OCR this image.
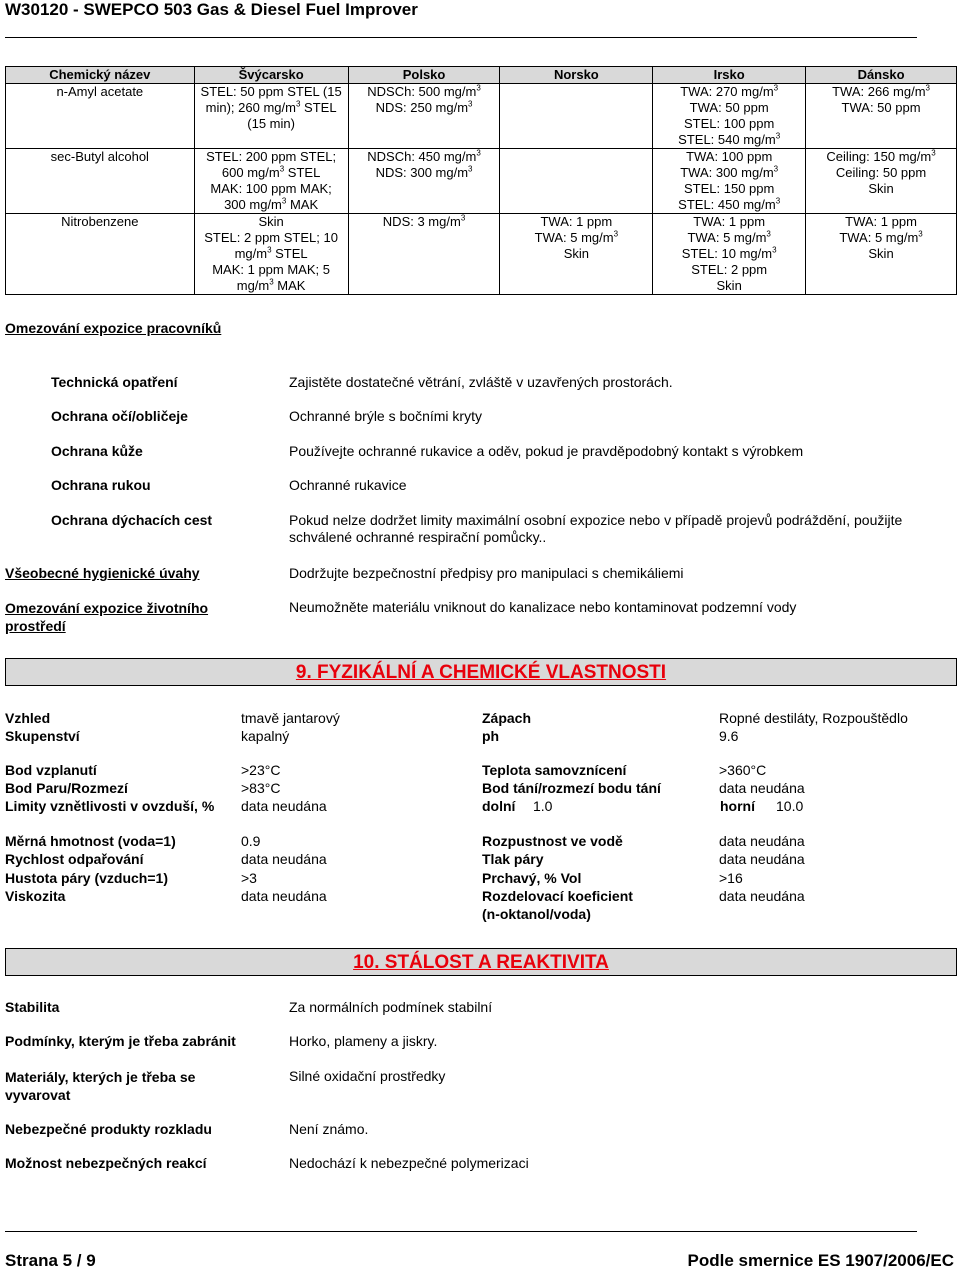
W30120 - SWEPCO 503 Gas & Diesel Fuel Improver
Chemický název	Švýcarsko	Polsko	Norsko	Irsko	Dánsko
n-Amyl acetate	STEL: 50 ppm STEL (15
min); 260 $mg/m^3$ STEL
(15 min)	NDSCh: 500 $mg/m^3$
NDS: 250 $mg/m^3$		TWA: 270 $mg/m^3$
TWA: 50 ppm
STEL: 100 ppm
STEL: 540 $mg/m^3$	TWA: 266 $mg/m^3$
TWA: 50 ppm

sec-Butyl alcohol	STEL: 200 ppm STEL;
600 $mg/m^3$ STEL
MAK: 100 ppm MAK;
300 $mg/m^3$ MAK	NDSCh: 450 $mg/m^3$
NDS: 300 $mg/m^3$		TWA: 100 ppm
TWA: 300 $mg/m^3$
STEL: 150 ppm
STEL: 450 $mg/m^3$	Ceiling: 150 $mg/m^3$
Ceiling: 50 ppm
Skin

Nitrobenzene	Skin
STEL: 2 ppm STEL; 10
$mg/m^3$ STEL
MAK: 1 ppm MAK; 5
$mg/m^3$ MAK	NDS: 3 $mg/m^3$	TWA: 1 ppm
TWA: 5 $mg/m^3$
Skin	TWA: 1 ppm
TWA: 5 $mg/m^3$
STEL: 10 $mg/m^3$
STEL: 2 ppm
Skin	TWA: 1 ppm
TWA: 5 $mg/m^3$
Skin
Omezování expozice pracovníků
Technická opatření	Zajistěte dostatečné větrání, zvláště v uzavřených prostorách.
Ochrana očí/obličeje	Ochranné brýle s bočními kryty
Ochrana kůže	Používejte ochranné rukavice a oděv, pokud je pravděpodobný kontakt s výrobkem
Ochrana rukou	Ochranné rukavice
Ochrana dýchacích cest	Pokud nelze dodržet limity maximální osobní expozice nebo v případě projevů podráždění, použijte schválené ochranné respirační pomůcky..
Všeobecné hygienické úvahy	Dodržujte bezpečnostní předpisy pro manipulaci s chemikáliemi
Omezování expozice životního prostředí
Neumožněte materiálu vniknout do kanalizace nebo kontaminovat podzemní vody
9. FYZIKÁLNÍ A CHEMICKÉ VLASTNOSTI
Vzhled	tmavě jantarový	Zápach	Ropné destiláty, Rozpouštědlo
Skupenství	kapalný	ph	9.6
Bod vzplanutí	>23°C	Teplota samovznícení	>360°C
Bod Paru/Rozmezí	>83°C	Bod tání/rozmezí bodu tání	data neudána
Limity vznětlivosti v ovzduší, % data neudána	dolní 1.0	horní 10.0
Měrná hmotnost (voda=1)	0.9	Rozpustnost ve vodě	data neudána
Rychlost odpařování	data neudána	Tlak páry	data neudána
Hustota páry (vzduch=1)	>3	Prchavý, % Vol	>16
Viskozita	data neudána	Rozdelovací koeficient
(n-oktanol/voda)
data neudána
10. STÁLOST A REAKTIVITA
Stabilita	Za normálních podmínek stabilní
Podmínky, kterým je třeba zabránit	Horko, plameny a jiskry.
Materiály, kterých je třeba se vyvarovat
Silné oxidační prostředky
Nebezpečné produkty rozkladu	Není známo.
Možnost nebezpečných reakcí	Nedochází k nebezpečné polymerizaci
Strana 5 / 9	Podle smernice ES 1907/2006/EC
